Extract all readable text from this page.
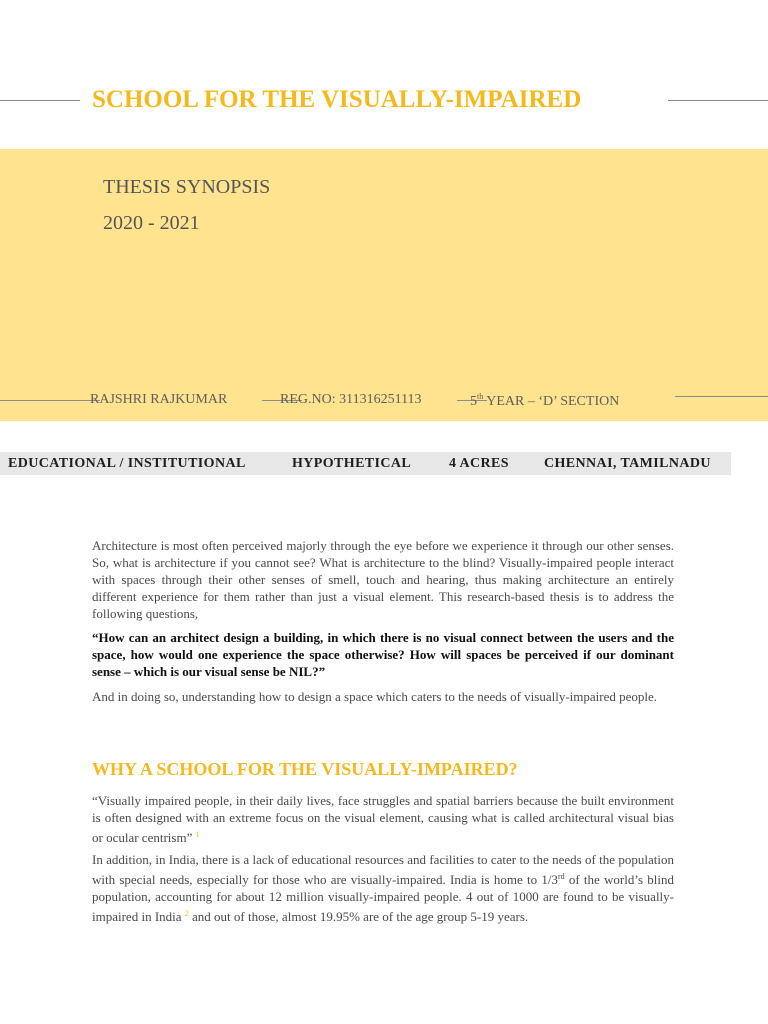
SCHOOL FOR THE VISUALLY-IMPAIRED
THESIS SYNOPSIS
2020 - 2021
RAJSHRI RAJKUMAR	REG.NO: 311316251113	5th YEAR – ‘D’ SECTION
EDUCATIONAL / INSTITUTIONAL	HYPOTHETICAL	4 ACRES	CHENNAI, TAMILNADU

Architecture is most often perceived majorly through the eye before we experience it through our other senses. So, what is architecture if you cannot see? What is architecture to the blind? Visually-impaired people interact with spaces through their other senses of smell, touch and hearing, thus making architecture an entirely different experience for them rather than just a visual element. This research-based thesis is to address the following questions,

“How can an architect design a building, in which there is no visual connect between the users and the space, how would one experience the space otherwise? How will spaces be perceived if our dominant sense – which is our visual sense be NIL?”

And in doing so, understanding how to design a space which caters to the needs of visually-impaired people.

WHY A SCHOOL FOR THE VISUALLY-IMPAIRED?

“Visually impaired people, in their daily lives, face struggles and spatial barriers because the built environment is often designed with an extreme focus on the visual element, causing what is called architectural visual bias or ocular centrism” $^1$

In addition, in India, there is a lack of educational resources and facilities to cater to the needs of the population with special needs, especially for those who are visually-impaired. India is home to 1/3rd of the world’s blind population, accounting for about 12 million visually-impaired people. 4 out of 1000 are found to be visually-impaired in India $^2$ and out of those, almost 19.95% are of the age group 5-19 years.
